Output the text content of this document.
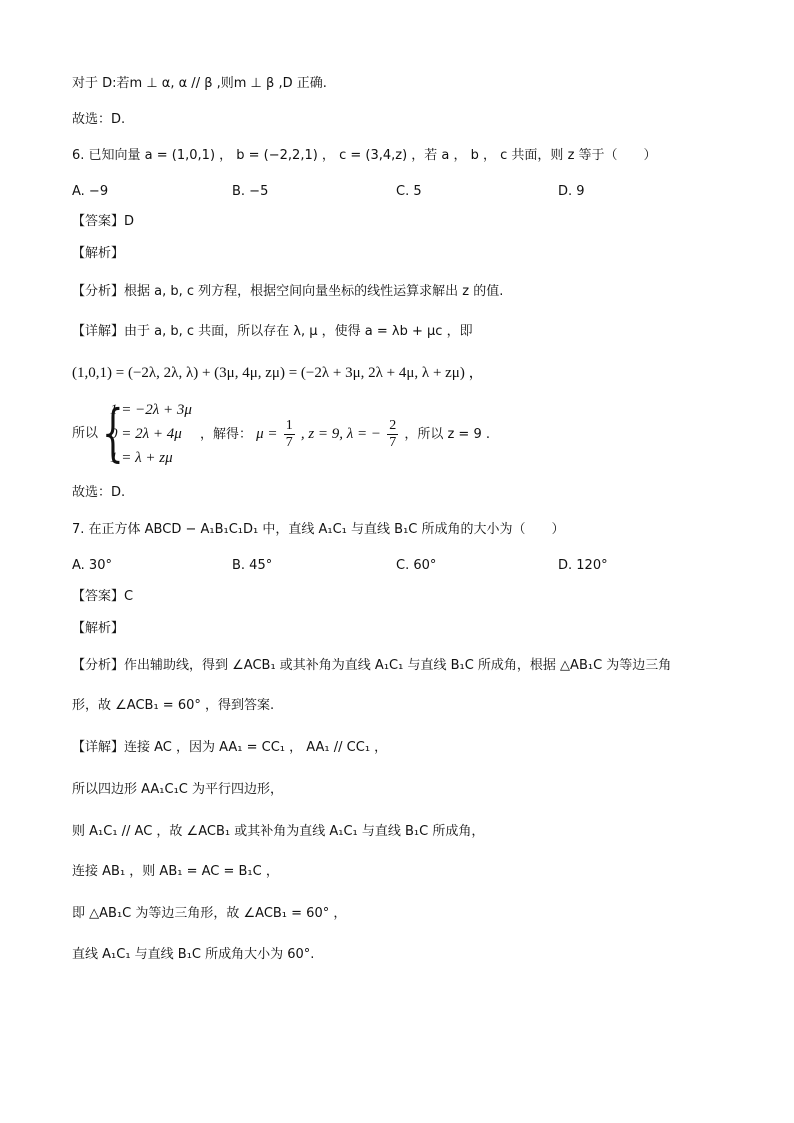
对于 D:若m ⊥ α, α // β ,则m ⊥ β ,D 正确.
故选：D.
6. 已知向量 a = (1,0,1) ， b = (−2,2,1) ， c = (3,4,z) ，若 a ， b ， c 共面，则 z 等于（　　）
A. −9	B. −5	C. 5	D. 9
【答案】D
【解析】
【分析】根据 a, b, c 列方程，根据空间向量坐标的线性运算求解出 z 的值.
【详解】由于 a, b, c 共面，所以存在 λ, μ ，使得 a = λb + μc ，即
(1,0,1) = (−2λ, 2λ, λ) + (3μ, 4μ, zμ) = (−2λ + 3μ, 2λ + 4μ, λ + zμ) ，
所以 {
1 = −2λ + 3μ
0 = 2λ + 4μ
1 = λ + zμ
，解得： $\mu = \frac{1}{7}$ , z = 9, λ = − $\frac{2}{7}$ ，所以 z = 9 .
故选：D.
7. 在正方体 ABCD − A₁B₁C₁D₁ 中，直线 A₁C₁ 与直线 B₁C 所成角的大小为（　　）
A. 30°	B. 45°	C. 60°	D. 120°
【答案】C
【解析】
【分析】作出辅助线，得到 ∠ACB₁ 或其补角为直线 A₁C₁ 与直线 B₁C 所成角，根据 △AB₁C 为等边三角
形，故 ∠ACB₁ = 60° ，得到答案.
【详解】连接 AC ，因为 AA₁ = CC₁ ， AA₁ // CC₁ ，
所以四边形 AA₁C₁C 为平行四边形，
则 A₁C₁ // AC ，故 ∠ACB₁ 或其补角为直线 A₁C₁ 与直线 B₁C 所成角，
连接 AB₁ ，则 AB₁ = AC = B₁C ，
即 △AB₁C 为等边三角形，故 ∠ACB₁ = 60° ，
直线 A₁C₁ 与直线 B₁C 所成角大小为 60°.
